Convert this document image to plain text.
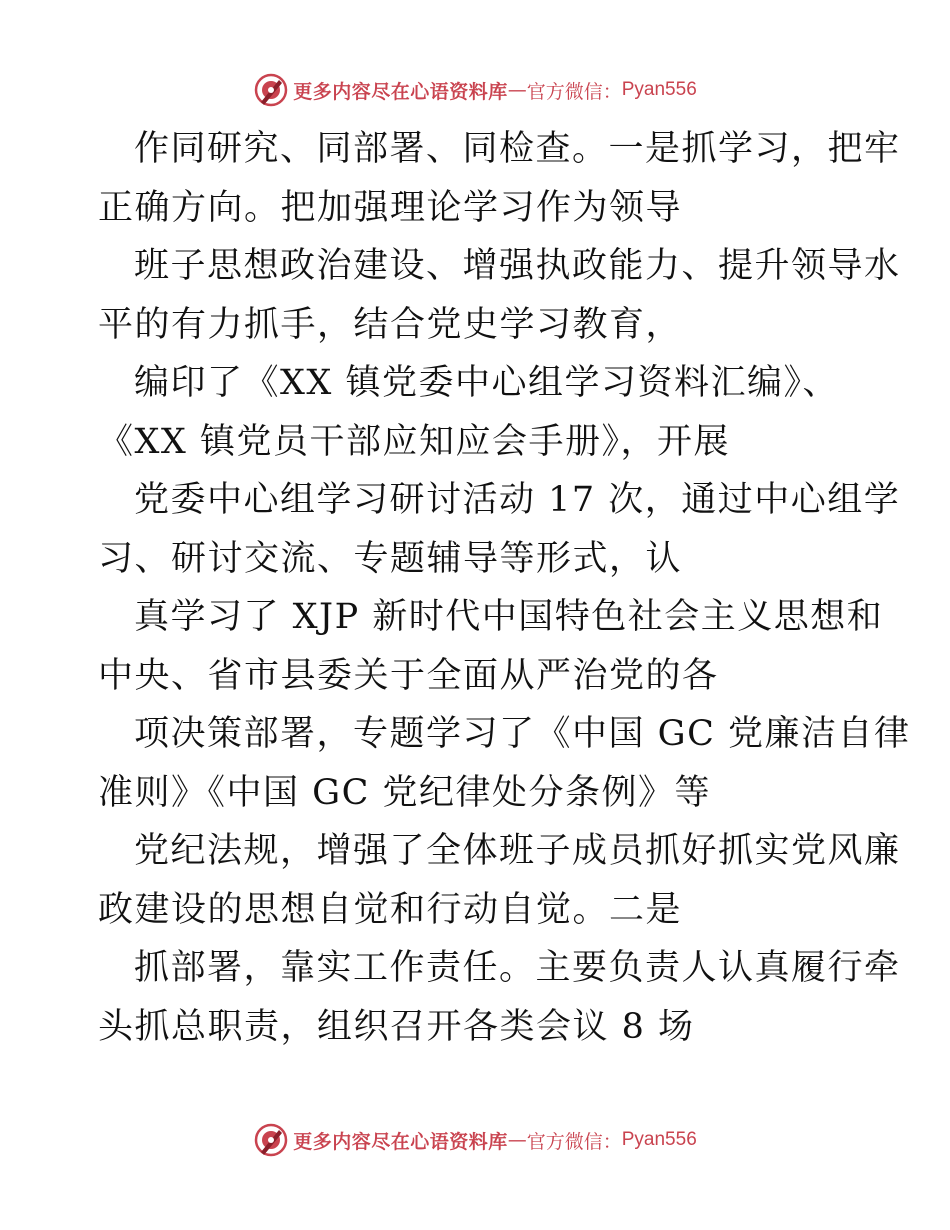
更多内容尽在心语资料库 — 官方微信： Pyan556
作同研究、同部署、同检查。一是抓学习，把牢
正确方向。把加强理论学习作为领导
班子思想政治建设、增强执政能力、提升领导水
平的有力抓手，结合党史学习教育，
编印了《XX 镇党委中心组学习资料汇编》、
《XX 镇党员干部应知应会手册》，开展
党委中心组学习研讨活动 17 次，通过中心组学
习、研讨交流、专题辅导等形式，认
真学习了 XJP 新时代中国特色社会主义思想和
中央、省市县委关于全面从严治党的各
项决策部署，专题学习了《中国 GC 党廉洁自律
准则》《中国 GC 党纪律处分条例》等
党纪法规，增强了全体班子成员抓好抓实党风廉
政建设的思想自觉和行动自觉。二是
抓部署，靠实工作责任。主要负责人认真履行牵
头抓总职责，组织召开各类会议 8 场
更多内容尽在心语资料库 — 官方微信： Pyan556
